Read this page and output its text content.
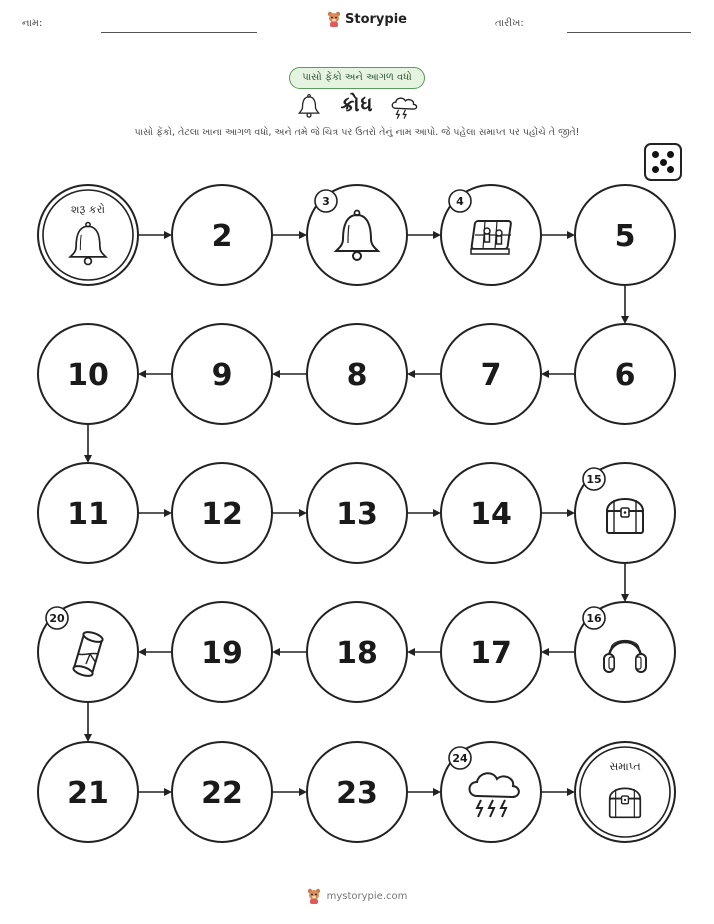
નામ:	Storypie	તારીખ:
પાસો ફેંકો અને આગળ વધો
ક્રોધ
પાસો ફેંકો, તેટલા ખાના આગળ વધો, અને તમે જે ચિત્ર પર ઉતરો તેનું નામ આપો. જે પહેલા સમાપ્ત પર પહોંચે તે જીતે!
શરૂ કરો
2
3	4
5
6
7
8
9
10
11	12	13	14
15
16
17
18
19
20
21	22	23
24
સમાપ્ત
mystorypie.com
